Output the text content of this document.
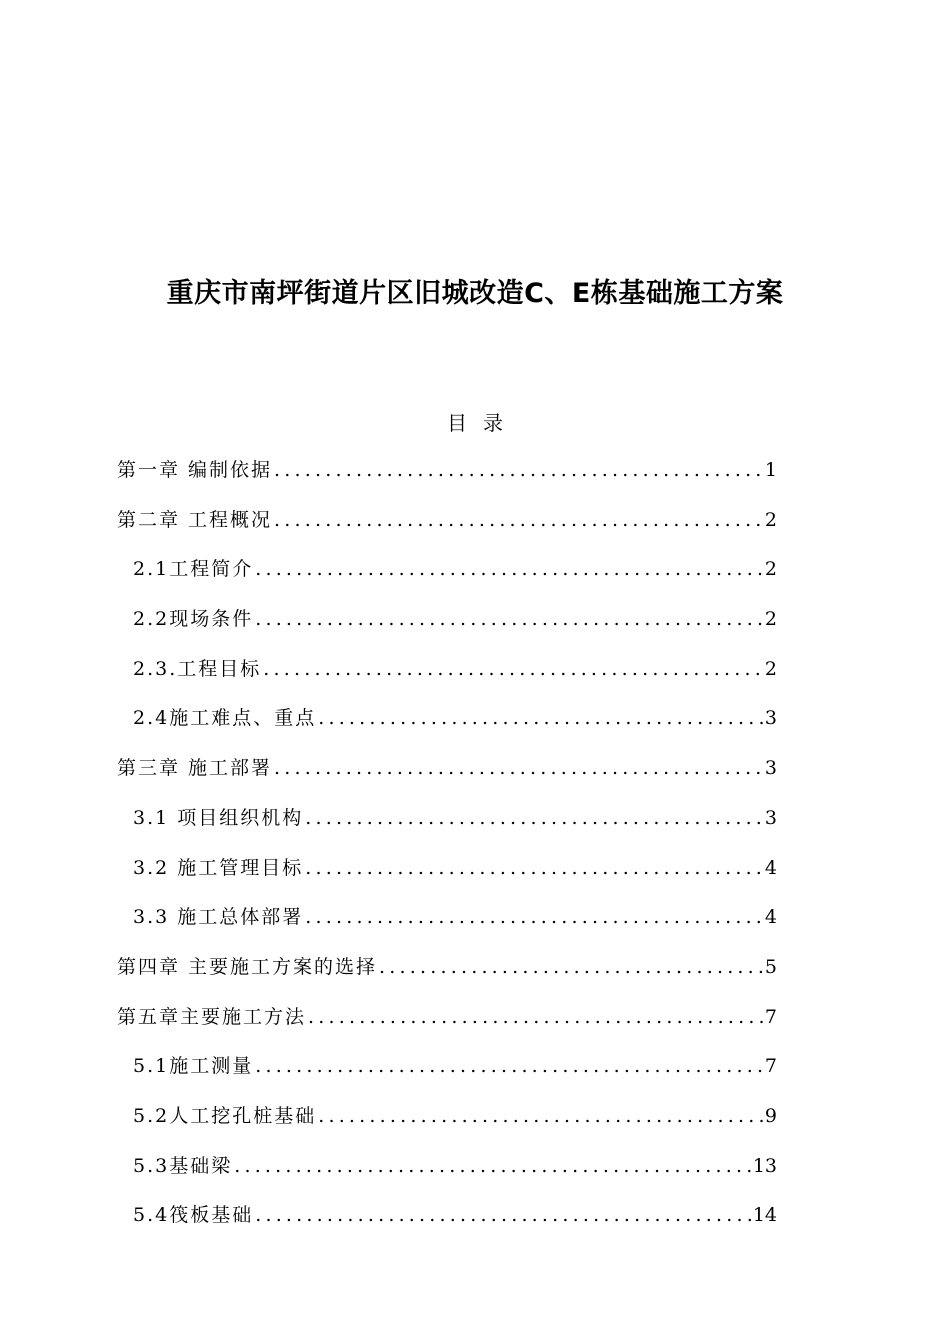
重庆市南坪街道片区旧城改造C、E栋基础施工方案
目录
第一章 编制依据 .....	1
第二章 工程概况 .....	2
2.1工程简介 .....	2
2.2现场条件 .....	2
2.3.工程目标 .....	2
2.4施工难点、重点 .....	3
第三章 施工部署 .....	3
3.1 项目组织机构 .....	3
3.2 施工管理目标 .....	4
3.3 施工总体部署 .....	4
第四章 主要施工方案的选择 .....	5
第五章主要施工方法 .....	7
5.1施工测量 .....	7
5.2人工挖孔桩基础 .....	9
5.3基础梁 .....	13
5.4筏板基础 .....	14
